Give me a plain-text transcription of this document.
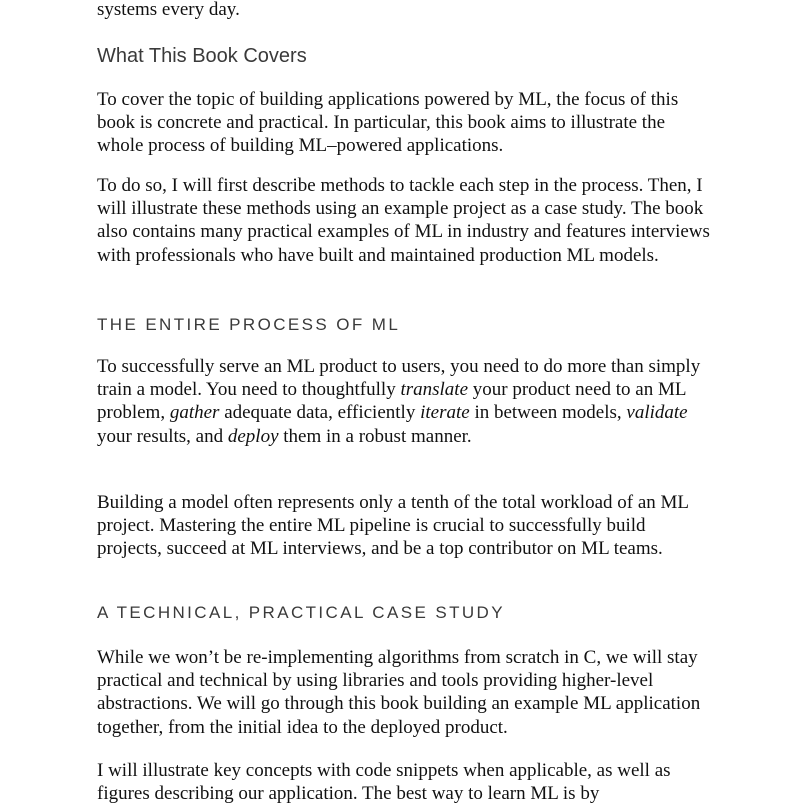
systems every day.

What This Book Covers

To cover the topic of building applications powered by ML, the focus of this book is concrete and practical. In particular, this book aims to illustrate the whole process of building ML–powered applications.

To do so, I will first describe methods to tackle each step in the process. Then, I will illustrate these methods using an example project as a case study. The book also contains many practical examples of ML in industry and features interviews with professionals who have built and maintained production ML models.

THE ENTIRE PROCESS OF ML

To successfully serve an ML product to users, you need to do more than simply train a model. You need to thoughtfully translate your product need to an ML problem, gather adequate data, efficiently iterate in between models, validate your results, and deploy them in a robust manner.

Building a model often represents only a tenth of the total workload of an ML project. Mastering the entire ML pipeline is crucial to successfully build projects, succeed at ML interviews, and be a top contributor on ML teams.

A TECHNICAL, PRACTICAL CASE STUDY

While we won’t be re-implementing algorithms from scratch in C, we will stay practical and technical by using libraries and tools providing higher-level abstractions. We will go through this book building an example ML application together, from the initial idea to the deployed product.

I will illustrate key concepts with code snippets when applicable, as well as figures describing our application. The best way to learn ML is by
